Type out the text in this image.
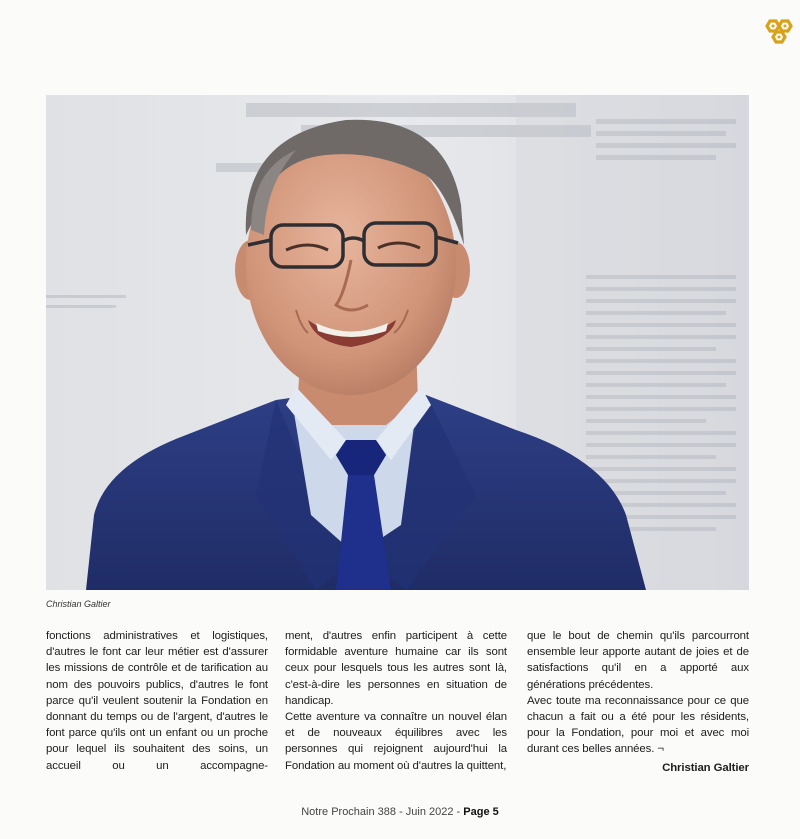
Christian Galtier

fonctions administratives et logistiques, d'autres le font car leur métier est d'assurer les missions de contrôle et de tarification au nom des pouvoirs publics, d'autres le font parce qu'il veulent soutenir la Fondation en donnant du temps ou de l'argent, d'autres le font parce qu'ils ont un enfant ou un proche pour lequel ils souhaitent des soins, un accueil ou un accompagne-

ment, d'autres enfin participent à cette formidable aventure humaine car ils sont ceux pour lesquels tous les autres sont là, c'est-à-dire les personnes en situation de handicap.

Cette aventure va connaître un nouvel élan et de nouveaux équilibres avec les personnes qui rejoignent aujourd'hui la Fondation au moment où d'autres la quittent,

que le bout de chemin qu'ils parcourront ensemble leur apporte autant de joies et de satisfactions qu'il en a apporté aux générations précédentes.

Avec toute ma reconnaissance pour ce que chacun a fait ou a été pour les résidents, pour la Fondation, pour moi et avec moi durant ces belles années. ¬

Christian Galtier

Notre Prochain 388 - Juin 2022 - Page 5
